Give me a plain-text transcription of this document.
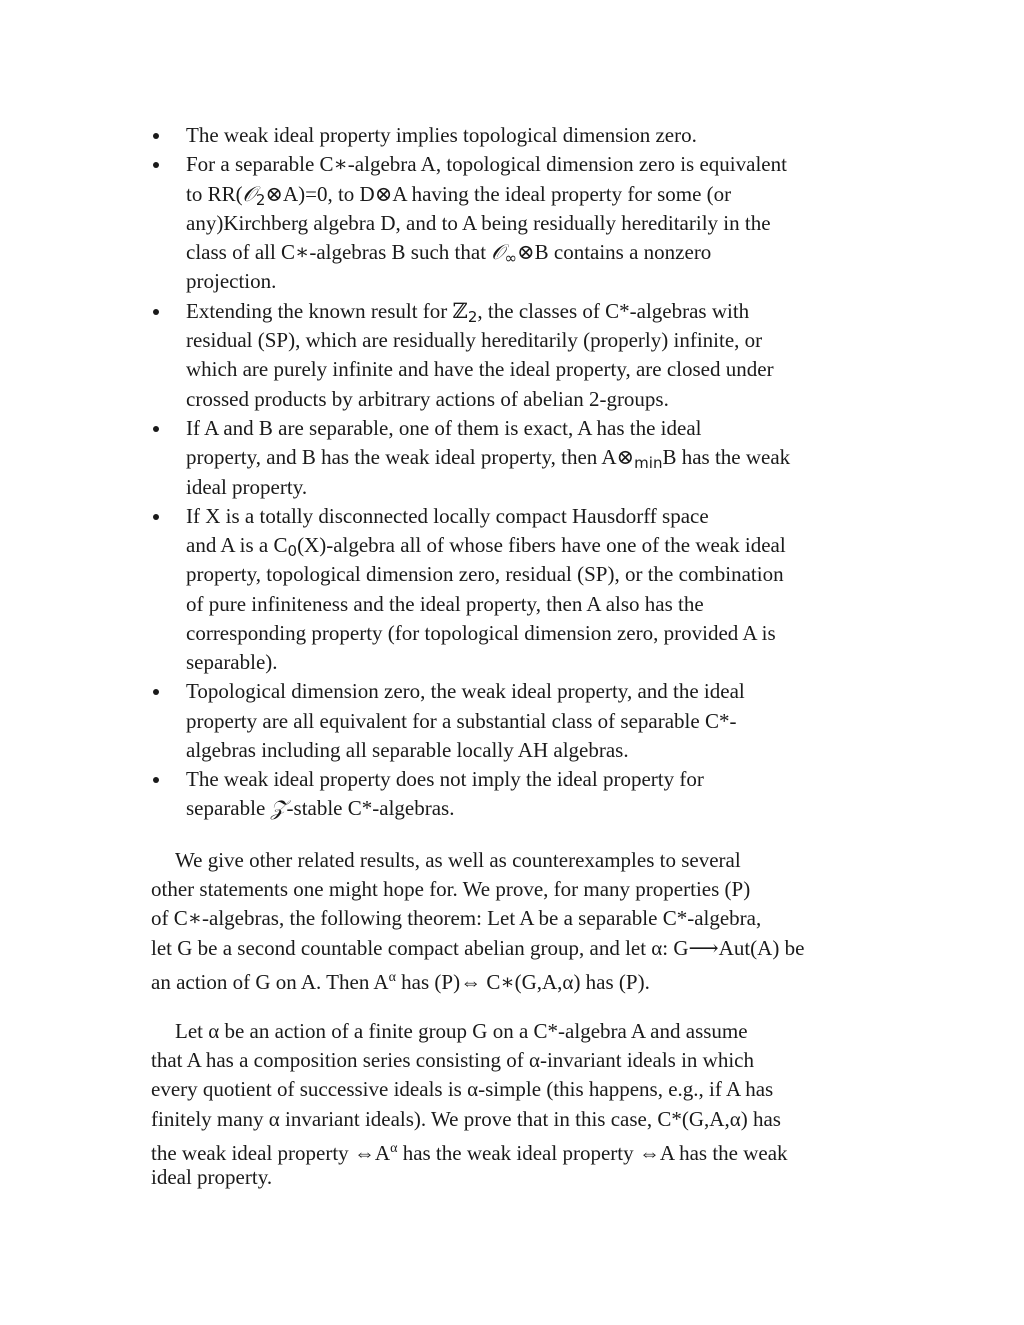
The weak ideal property implies topological dimension zero.
For a separable C∗-algebra A, topological dimension zero is equivalent
to RR(𝒪$_2$⊗A)=0, to D⊗A having the ideal property for some (or
any)Kirchberg algebra D, and to A being residually hereditarily in the
class of all C∗-algebras B such that 𝒪$_\infty$⊗B contains a nonzero
projection.
Extending the known result for ℤ$_2$, the classes of C*-algebras with
residual (SP), which are residually hereditarily (properly) infinite, or
which are purely infinite and have the ideal property, are closed under
crossed products by arbitrary actions of abelian 2-groups.
If A and B are separable, one of them is exact, A has the ideal
property, and B has the weak ideal property, then $A\otimes_{min}B$ has the weak
ideal property.
If X is a totally disconnected locally compact Hausdorff space
and A is a $C_0(X)$-algebra all of whose fibers have one of the weak ideal
property, topological dimension zero, residual (SP), or the combination
of pure infiniteness and the ideal property, then A also has the
corresponding property (for topological dimension zero, provided A is
separable).
Topological dimension zero, the weak ideal property, and the ideal
property are all equivalent for a substantial class of separable C*-
algebras including all separable locally AH algebras.
The weak ideal property does not imply the ideal property for
separable 𝒵-stable C*-algebras.
We give other related results, as well as counterexamples to several
other statements one might hope for. We prove, for many properties (P)
of C∗-algebras, the following theorem: Let A be a separable C*-algebra,
let G be a second countable compact abelian group, and let α: G⟶Aut(A) be
an action of G on A. Then $A^\alpha$ has (P)⇔ C∗(G,A,α) has (P).
Let α be an action of a finite group G on a C*-algebra A and assume
that A has a composition series consisting of α-invariant ideals in which
every quotient of successive ideals is α-simple (this happens, e.g., if A has
finitely many α invariant ideals). We prove that in this case, C*(G,A,α) has
the weak ideal property $\Leftrightarrow A^\alpha$ has the weak ideal property ⇔A has the weak
ideal property.
